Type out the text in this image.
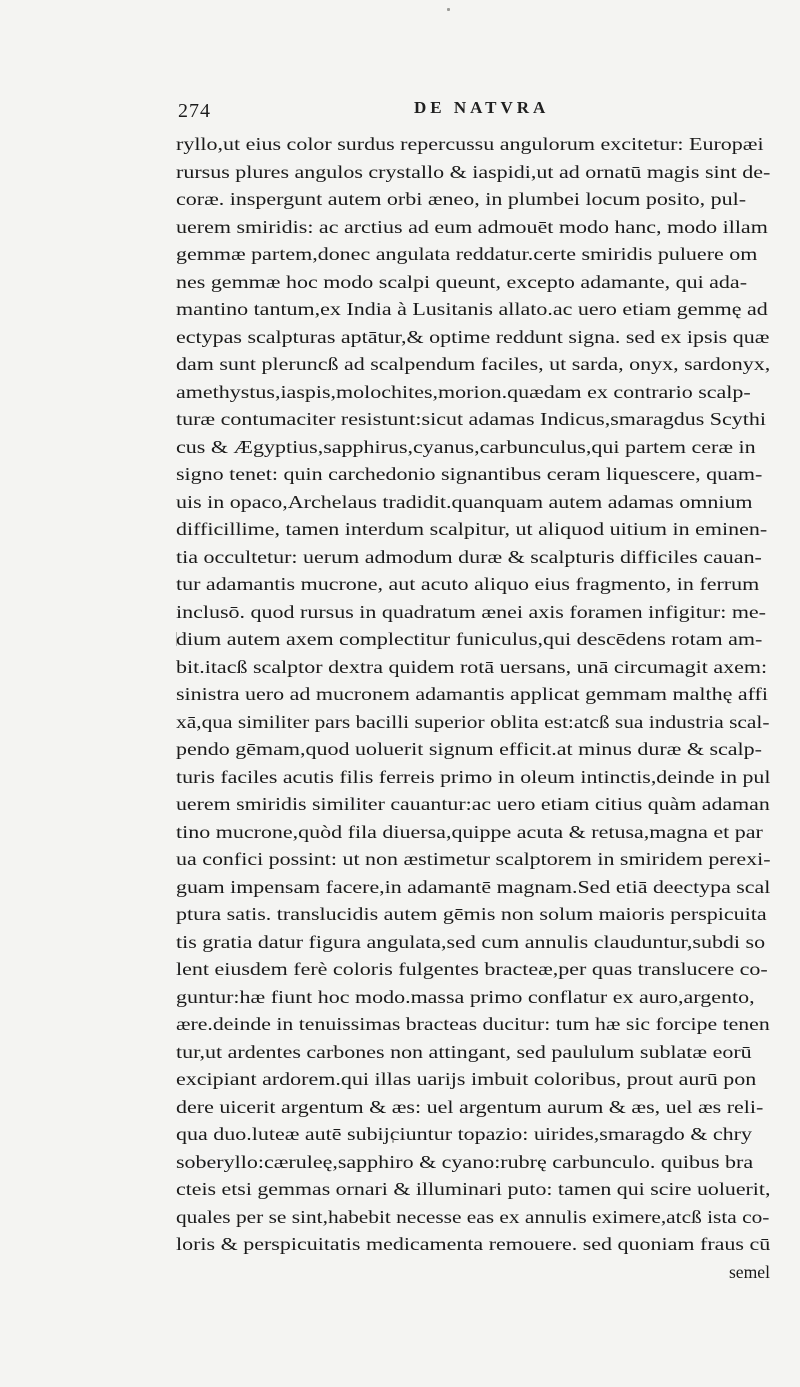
274	DE NATVRA
ryllo,ut eius color surdus repercussu angulorum excitetur: Europæi
rursus plures angulos crystallo & iaspidi,ut ad ornatū magis sint de-
coræ. inspergunt autem orbi æneo, in plumbei locum posito, pul-
uerem smiridis: ac arctius ad eum admouēt modo hanc, modo illam
gemmæ partem,donec angulata reddatur.certe smiridis puluere om
nes gemmæ hoc modo scalpi queunt, excepto adamante, qui ada-
mantino tantum,ex India à Lusitanis allato.ac uero etiam gemmę ad
ectypas scalpturas aptātur,& optime reddunt signa. sed ex ipsis quæ
dam sunt pleruncß ad scalpendum faciles, ut sarda, onyx, sardonyx,
amethystus,iaspis,molochites,morion.quædam ex contrario scalp-
turæ contumaciter resistunt:sicut adamas Indicus,smaragdus Scythi
cus & Ægyptius,sapphirus,cyanus,carbunculus,qui partem ceræ in
signo tenet: quin carchedonio signantibus ceram liquescere, quam-
uis in opaco,Archelaus tradidit.quanquam autem adamas omnium
difficillime, tamen interdum scalpitur, ut aliquod uitium in eminen-
tia occultetur: uerum admodum duræ & scalpturis difficiles cauan-
tur adamantis mucrone, aut acuto aliquo eius fragmento, in ferrum
inclusō. quod rursus in quadratum ænei axis foramen infigitur: me-
dium autem axem complectitur funiculus,qui descēdens rotam am-
bit.itacß scalptor dextra quidem rotā uersans, unā circumagit axem:
sinistra uero ad mucronem adamantis applicat gemmam malthę affi
xā,qua similiter pars bacilli superior oblita est:atcß sua industria scal-
pendo gēmam,quod uoluerit signum efficit.at minus duræ & scalp-
turis faciles acutis filis ferreis primo in oleum intinctis,deinde in pul
uerem smiridis similiter cauantur:ac uero etiam citius quàm adaman
tino mucrone,quòd fila diuersa,quippe acuta & retusa,magna et par
ua confici possint: ut non æstimetur scalptorem in smiridem perexi-
guam impensam facere,in adamantē magnam.Sed etiā deectypa scal
ptura satis. translucidis autem gēmis non solum maioris perspicuita
tis gratia datur figura angulata,sed cum annulis clauduntur,subdi so
lent eiusdem ferè coloris fulgentes bracteæ,per quas translucere co-
guntur:hæ fiunt hoc modo.massa primo conflatur ex auro,argento,
ære.deinde in tenuissimas bracteas ducitur: tum hæ sic forcipe tenen
tur,ut ardentes carbones non attingant, sed paululum sublatæ eorū
excipiant ardorem.qui illas uarijs imbuit coloribus, prout aurū pon
dere uicerit argentum & æs: uel argentum aurum & æs, uel æs reli-
qua duo.luteæ autē subijciuntur topazio: uirides,smaragdo & chry
soberyllo:cæruleę,sapphiro & cyano:rubrę carbunculo. quibus bra
cteis etsi gemmas ornari & illuminari puto: tamen qui scire uoluerit,
quales per se sint,habebit necesse eas ex annulis eximere,atcß ista co-
loris & perspicuitatis medicamenta remouere. sed quoniam fraus cū
semel
